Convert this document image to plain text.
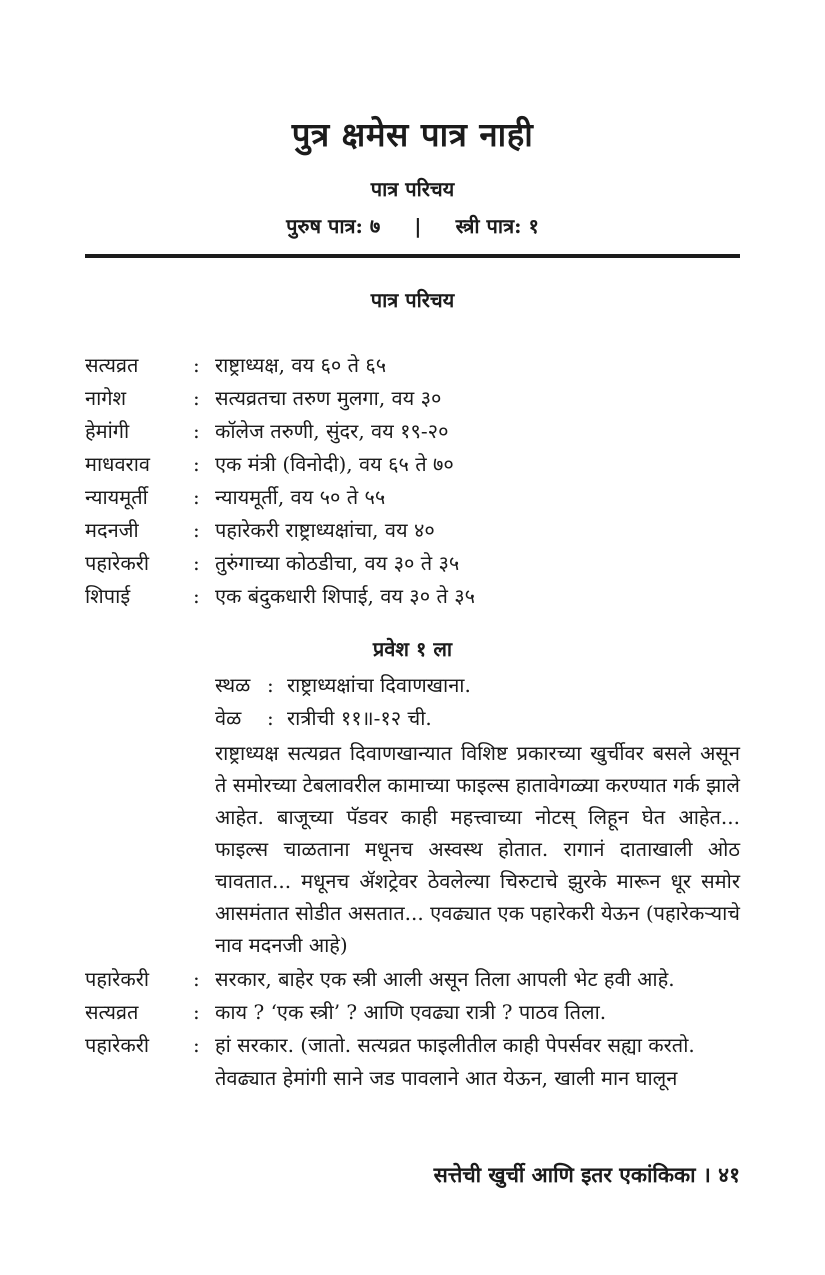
पुत्र क्षमेस पात्र नाही
पात्र परिचय
पुरुष पात्र: ७ | स्त्री पात्र: १
पात्र परिचय
सत्यव्रत	: राष्ट्राध्यक्ष, वय ६० ते ६५
नागेश	: सत्यव्रतचा तरुण मुलगा, वय ३०
हेमांगी	: कॉलेज तरुणी, सुंदर, वय १९-२०
माधवराव	: एक मंत्री (विनोदी), वय ६५ ते ७०
न्यायमूर्ती	: न्यायमूर्ती, वय ५० ते ५५
मदनजी	: पहारेकरी राष्ट्राध्यक्षांचा, वय ४०
पहारेकरी	: तुरुंगाच्या कोठडीचा, वय ३० ते ३५
शिपाई	: एक बंदुकधारी शिपाई, वय ३० ते ३५
प्रवेश १ ला
स्थळ : राष्ट्राध्यक्षांचा दिवाणखाना.
वेळ	: रात्रीची ११॥-१२ ची.

राष्ट्राध्यक्ष सत्यव्रत दिवाणखान्यात विशिष्ट प्रकारच्या खुर्चीवर बसले असून ते समोरच्या टेबलावरील कामाच्या फाइल्स हातावेगळ्या करण्यात गर्क झाले आहेत. बाजूच्या पॅडवर काही महत्त्वाच्या नोटस् लिहून घेत आहेत... फाइल्स चाळताना मधूनच अस्वस्थ होतात. रागानं दाताखाली ओठ चावतात... मधूनच ॲशट्रेवर ठेवलेल्या चिरुटाचे झुरके मारून धूर समोर आसमंतात सोडीत असतात... एवढ्यात एक पहारेकरी येऊन (पहारेकऱ्याचे नाव मदनजी आहे)

पहारेकरी	: सरकार, बाहेर एक स्त्री आली असून तिला आपली भेट हवी आहे.
सत्यव्रत	: काय ? ‘एक स्त्री’ ? आणि एवढ्या रात्री ? पाठव तिला.
पहारेकरी	: हां सरकार. (जातो. सत्यव्रत फाइलीतील काही पेपर्सवर सह्या करतो. तेवढ्यात हेमांगी साने जड पावलाने आत येऊन, खाली मान घालून
सत्तेची खुर्ची आणि इतर एकांकिका । ४१
